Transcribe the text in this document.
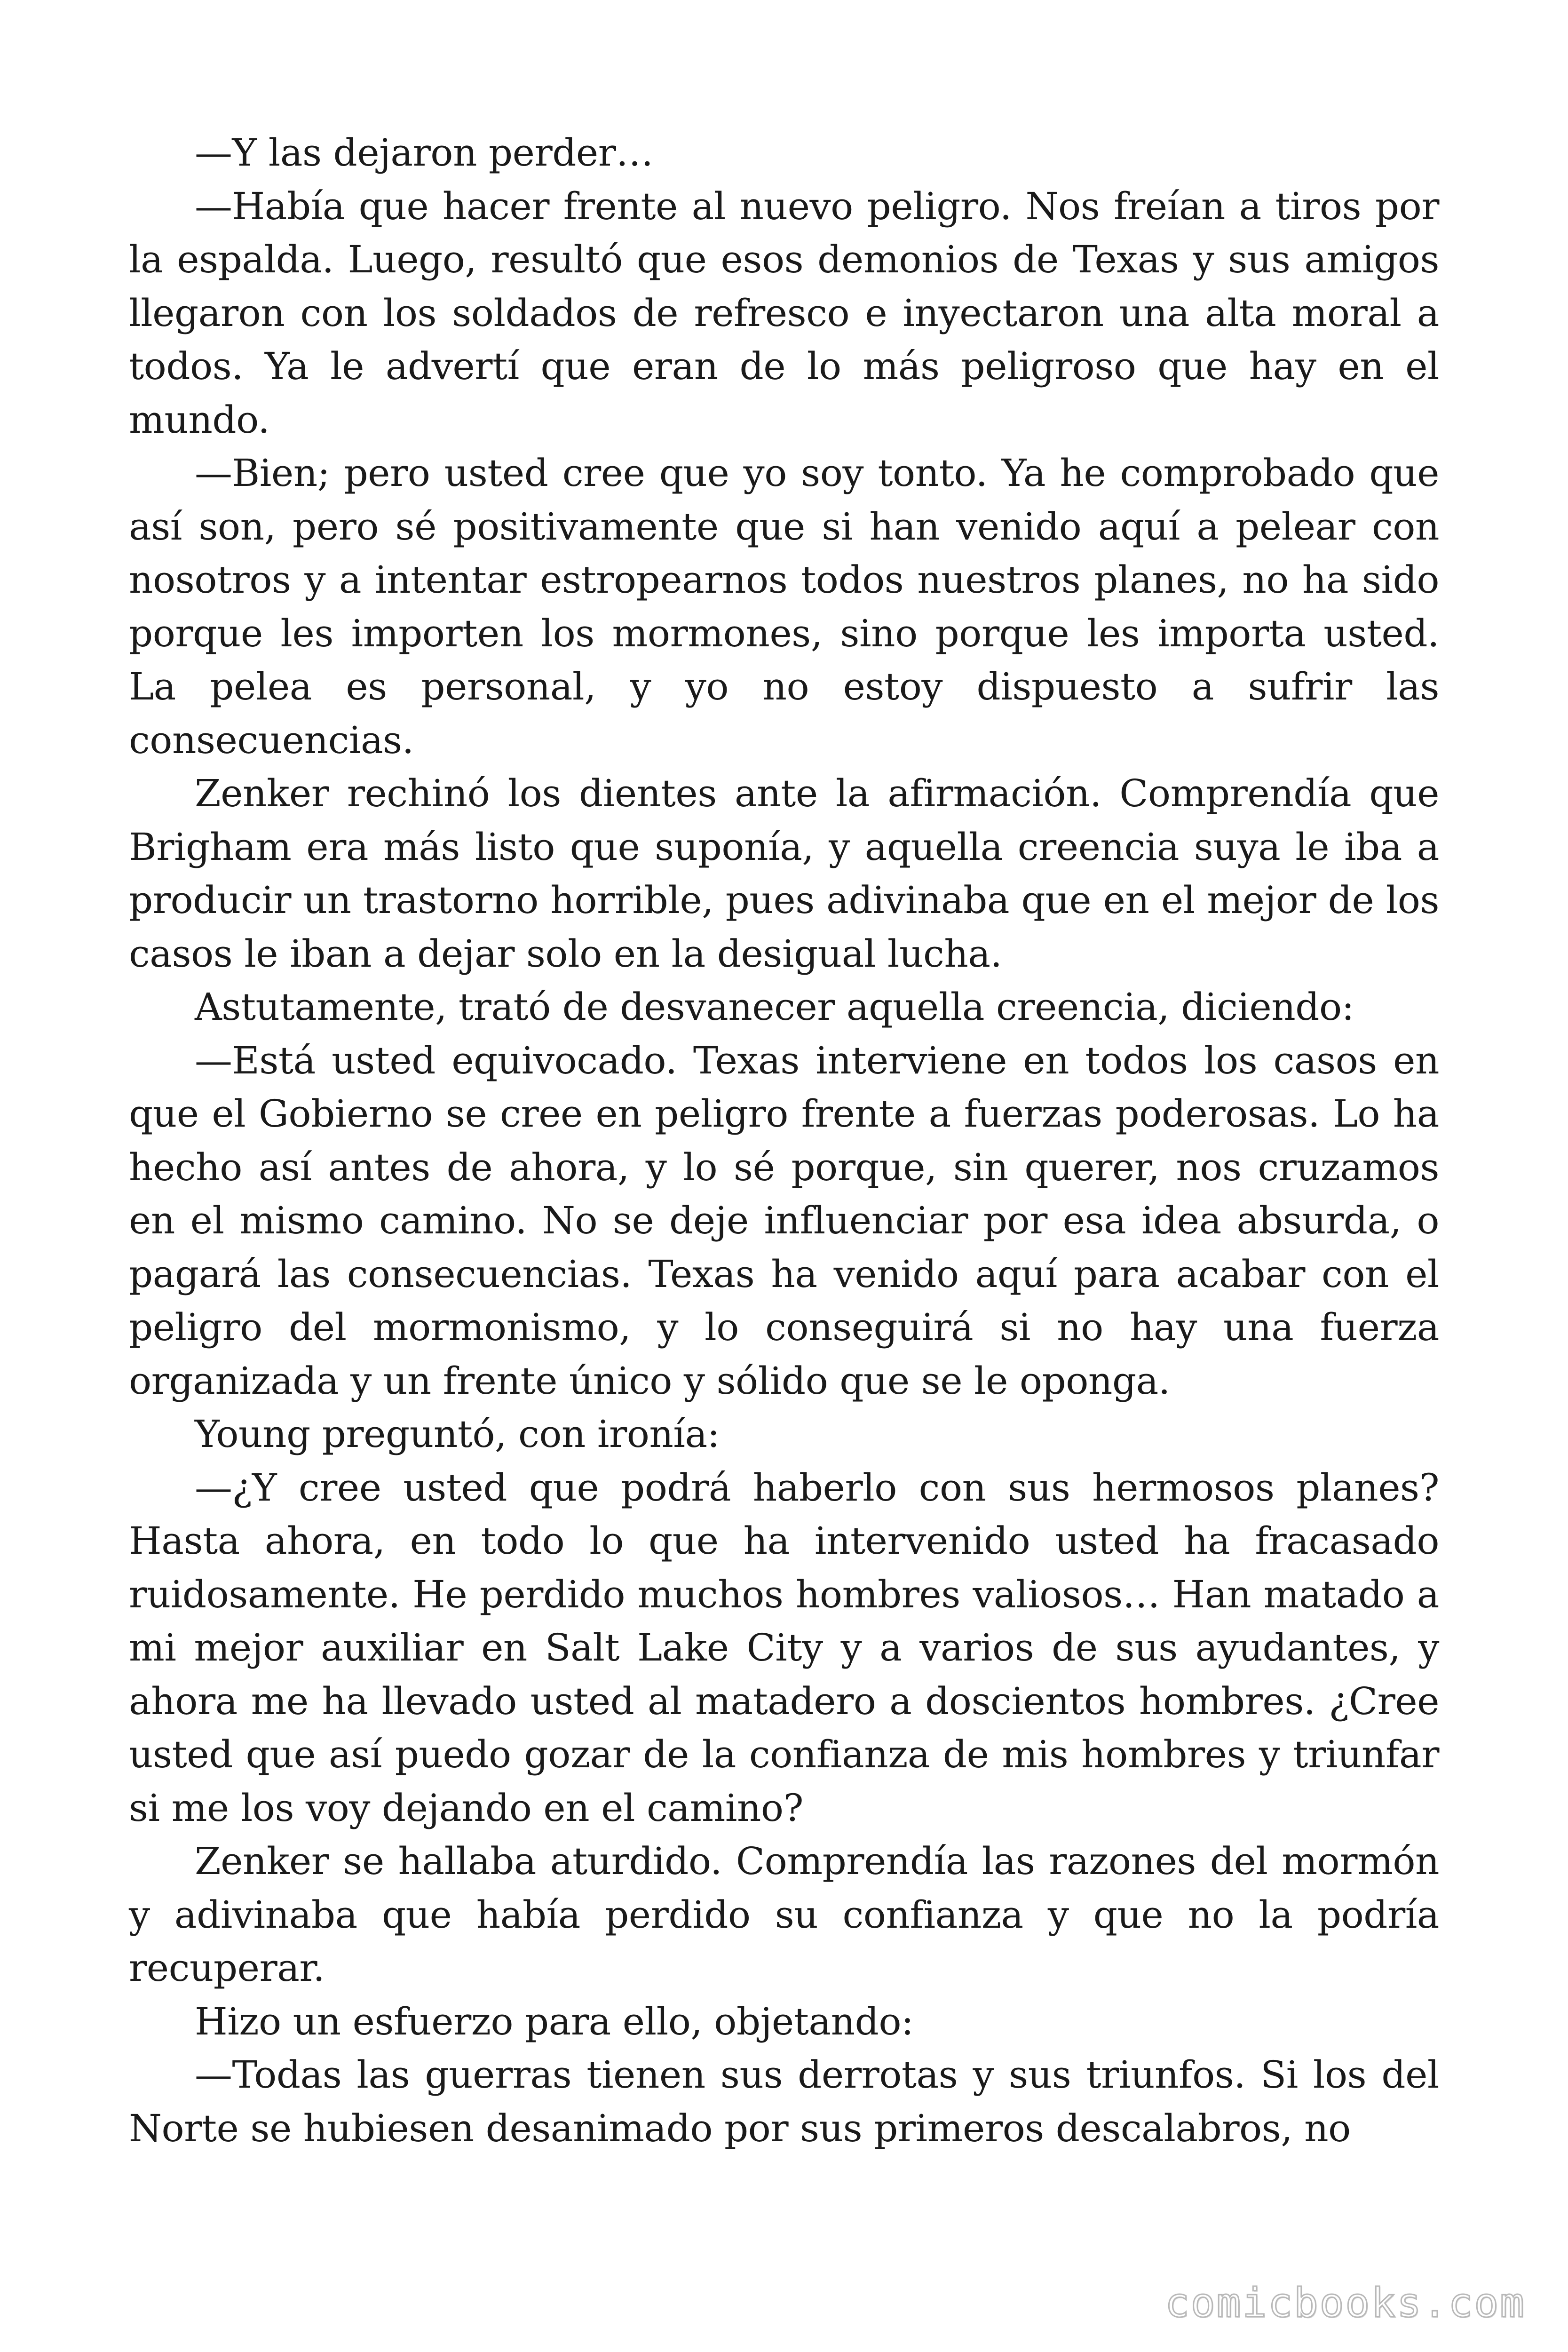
—Y las dejaron perder…

—Había que hacer frente al nuevo peligro. Nos freían a tiros por la espalda. Luego, resultó que esos demonios de Texas y sus amigos llegaron con los soldados de refresco e inyectaron una alta moral a todos. Ya le advertí que eran de lo más peligroso que hay en el mundo.

—Bien; pero usted cree que yo soy tonto. Ya he comprobado que así son, pero sé positivamente que si han venido aquí a pelear con nosotros y a intentar estropearnos todos nuestros planes, no ha sido porque les importen los mormones, sino porque les importa usted. La pelea es personal, y yo no estoy dispuesto a sufrir las consecuencias.

Zenker rechinó los dientes ante la afirmación. Comprendía que Brigham era más listo que suponía, y aquella creencia suya le iba a producir un trastorno horrible, pues adivinaba que en el mejor de los casos le iban a dejar solo en la desigual lucha.

Astutamente, trató de desvanecer aquella creencia, diciendo:

—Está usted equivocado. Texas interviene en todos los casos en que el Gobierno se cree en peligro frente a fuerzas poderosas. Lo ha hecho así antes de ahora, y lo sé porque, sin querer, nos cruzamos en el mismo camino. No se deje influenciar por esa idea absurda, o pagará las consecuencias. Texas ha venido aquí para acabar con el peligro del mormonismo, y lo conseguirá si no hay una fuerza organizada y un frente único y sólido que se le oponga.

Young preguntó, con ironía:

—¿Y cree usted que podrá haberlo con sus hermosos planes? Hasta ahora, en todo lo que ha intervenido usted ha fracasado ruidosamente. He perdido muchos hombres valiosos… Han matado a mi mejor auxiliar en Salt Lake City y a varios de sus ayudantes, y ahora me ha llevado usted al matadero a doscientos hombres. ¿Cree usted que así puedo gozar de la confianza de mis hombres y triunfar si me los voy dejando en el camino?

Zenker se hallaba aturdido. Comprendía las razones del mormón y adivinaba que había perdido su confianza y que no la podría recuperar.

Hizo un esfuerzo para ello, objetando:

—Todas las guerras tienen sus derrotas y sus triunfos. Si los del Norte se hubiesen desanimado por sus primeros descalabros, no

comicbooks.com
